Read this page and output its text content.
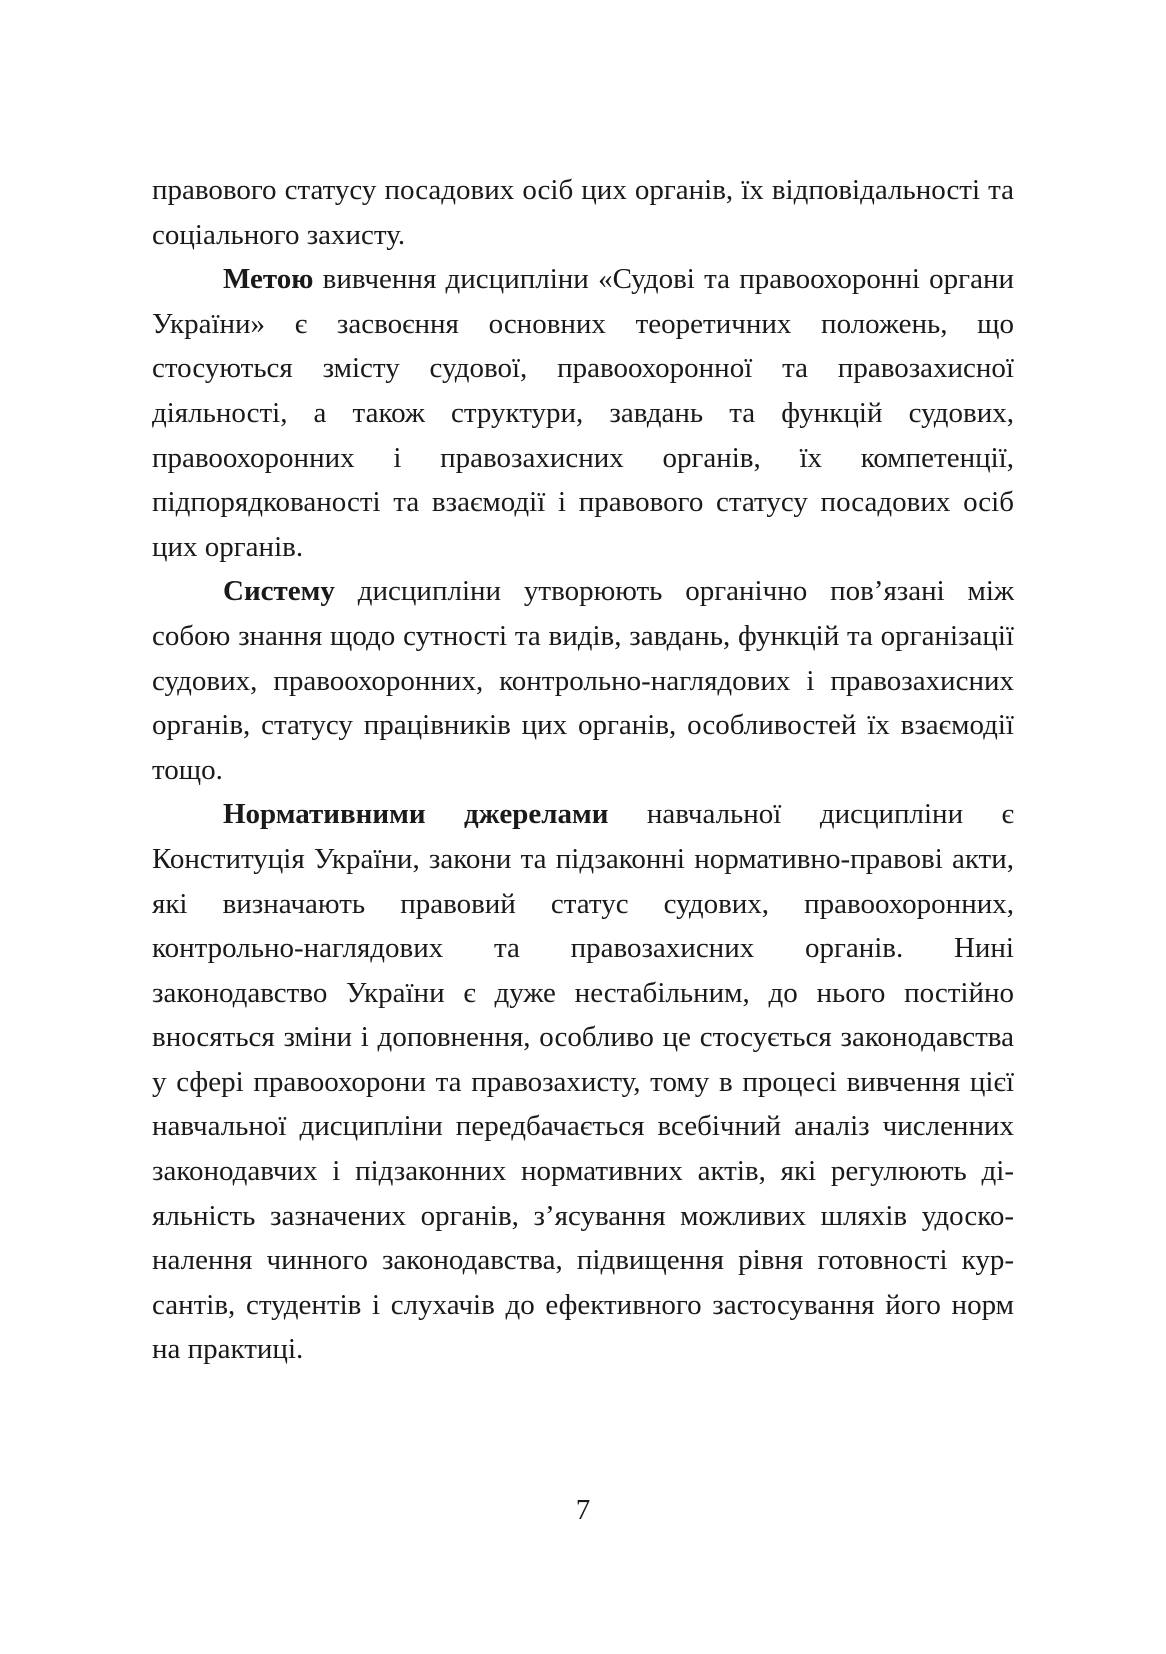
правового статусу посадових осіб цих органів, їх відповідальності та соціального захисту.

Метою вивчення дисципліни «Судові та правоохоронні органи України» є засвоєння основних теоретичних положень, що стосуються змісту судової, правоохоронної та правозахисної діяльності, а також структури, завдань та функцій судових, правоохоронних і правозахисних органів, їх компетенції, підпорядкованості та взаємодії і правового статусу посадових осіб цих органів.

Систему дисципліни утворюють органічно пов’язані між собою знання щодо сутності та видів, завдань, функцій та організації судових, правоохоронних, контрольно-наглядових і правозахисних органів, статусу працівників цих органів, особливостей їх взаємодії тощо.

Нормативними джерелами навчальної дисципліни є Конституція України, закони та підзаконні нормативно-правові акти, які визначають правовий статус судових, правоохоронних, контрольно-наглядових та правозахисних органів. Нині законодавство України є дуже нестабільним, до нього постійно вносяться зміни і доповнення, особливо це стосується законодавства у сфері правоохорони та правозахисту, тому в процесі вивчення цієї навчальної дисципліни передбачається всебічний аналіз численних законодавчих і підзаконних нормативних актів, які регулюють діяльність зазначених органів, з’ясування можливих шляхів удосконалення чинного законодавства, підвищення рівня готовності курсантів, студентів і слухачів до ефективного застосування його норм на практиці.

7
